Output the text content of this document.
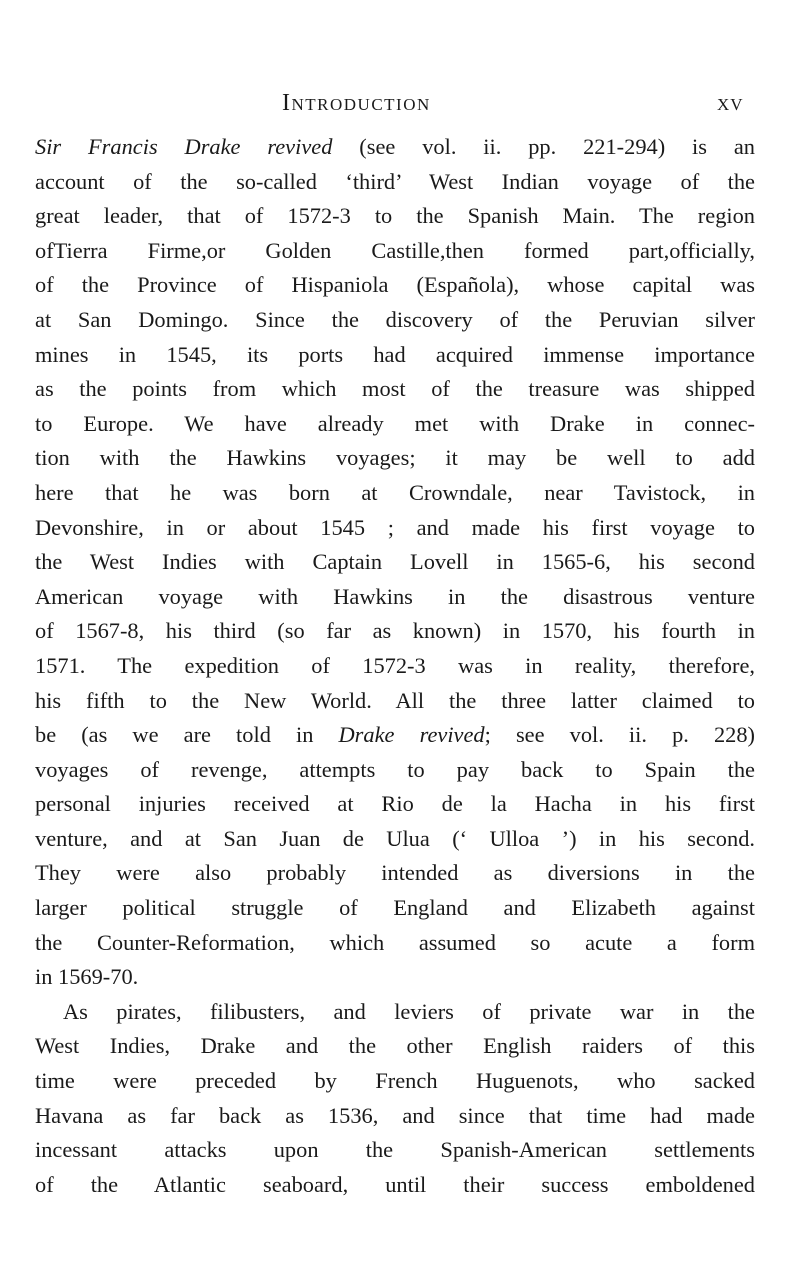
Introduction	xv
Sir Francis Drake revived (see vol. ii. pp. 221-294) is an
account of the so-called ‘third’ West Indian voyage of the
great leader, that of 1572-3 to the Spanish Main. The region
ofTierra Firme,or Golden Castille,then formed part,officially,
of the Province of Hispaniola (Española), whose capital was
at San Domingo. Since the discovery of the Peruvian silver
mines in 1545, its ports had acquired immense importance
as the points from which most of the treasure was shipped
to Europe. We have already met with Drake in connec-
tion with the Hawkins voyages; it may be well to add
here that he was born at Crowndale, near Tavistock, in
Devonshire, in or about 1545 ; and made his first voyage to
the West Indies with Captain Lovell in 1565-6, his second
American voyage with Hawkins in the disastrous venture
of 1567-8, his third (so far as known) in 1570, his fourth in
1571. The expedition of 1572-3 was in reality, therefore,
his fifth to the New World. All the three latter claimed to
be (as we are told in Drake revived; see vol. ii. p. 228)
voyages of revenge, attempts to pay back to Spain the
personal injuries received at Rio de la Hacha in his first
venture, and at San Juan de Ulua (‘ Ulloa ’) in his second.
They were also probably intended as diversions in the
larger political struggle of England and Elizabeth against
the Counter-Reformation, which assumed so acute a form
in 1569-70.
As pirates, filibusters, and leviers of private war in the
West Indies, Drake and the other English raiders of this
time were preceded by French Huguenots, who sacked
Havana as far back as 1536, and since that time had made
incessant attacks upon the Spanish-American settlements
of the Atlantic seaboard, until their success emboldened
